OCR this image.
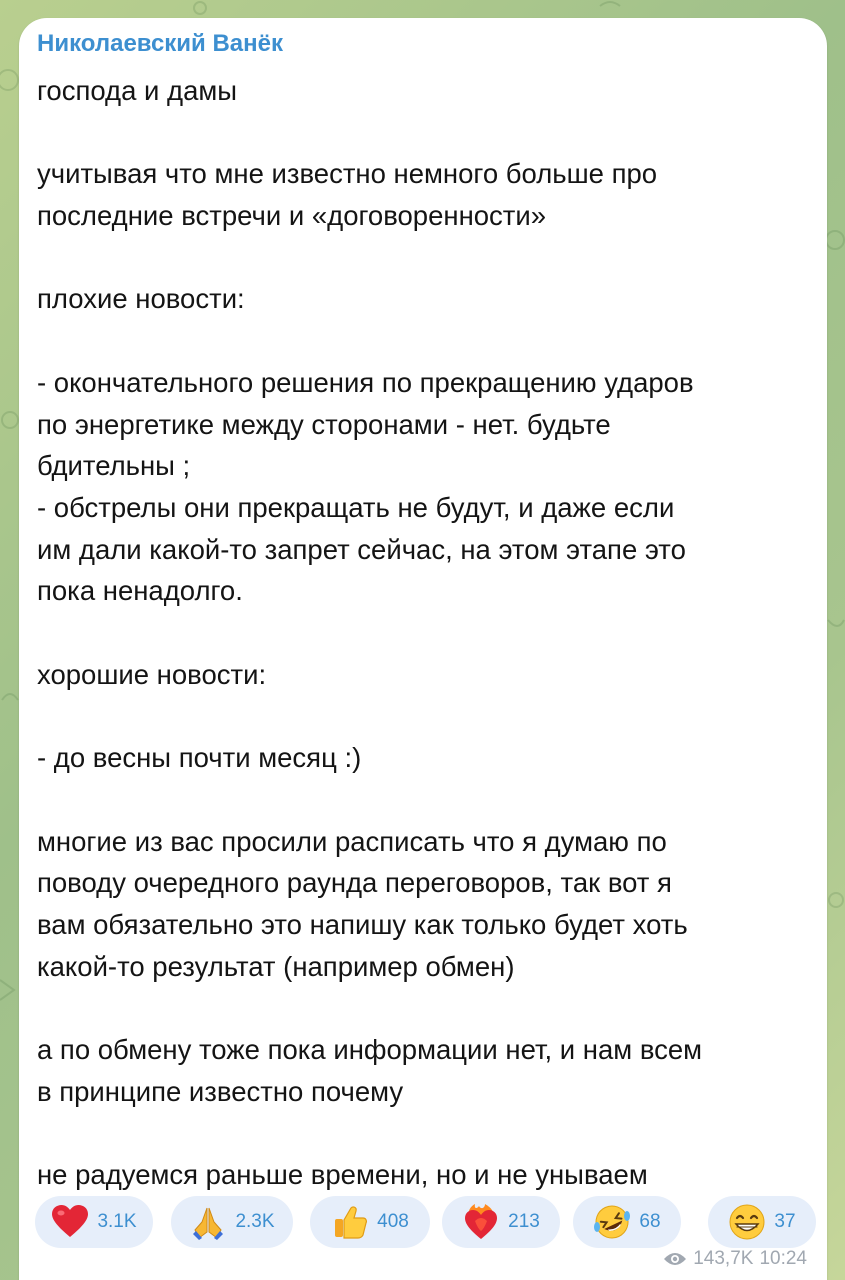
Николаевский Ванёк
господа и дамы
учитывая что мне известно немного больше про
последние встречи и «договоренности»
плохие новости:
- окончательного решения по прекращению ударов
по энергетике между сторонами - нет. будьте
бдительны ;
- обстрелы они прекращать не будут, и даже если
им дали какой-то запрет сейчас, на этом этапе это
пока ненадолго.
хорошие новости:
- до весны почти месяц :)
многие из вас просили расписать что я думаю по
поводу очередного раунда переговоров, так вот я
вам обязательно это напишу как только будет хоть
какой-то результат (например обмен)
а по обмену тоже пока информации нет, и нам всем
в принципе известно почему
не радуемся раньше времени, но и не унываем
3.1K	2.3K	408	213	68	37
143,7K 10:24
